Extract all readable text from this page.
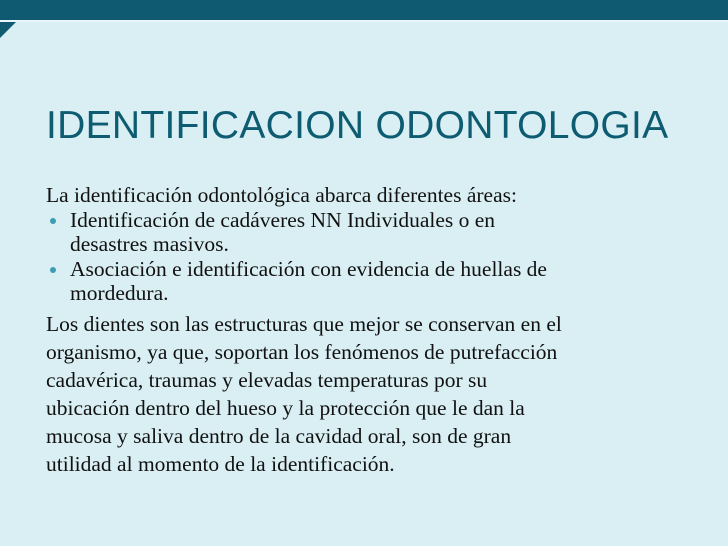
IDENTIFICACION ODONTOLOGIA

La identificación odontológica abarca diferentes áreas:

Identificación de cadáveres NN Individuales o en

desastres masivos.

Asociación e identificación con evidencia de huellas de

mordedura.

Los dientes son las estructuras que mejor se conservan en el

organismo, ya que, soportan los fenómenos de putrefacción

cadavérica, traumas y elevadas temperaturas por su

ubicación dentro del hueso y la protección que le dan la

mucosa y saliva dentro de la cavidad oral, son de gran

utilidad al momento de la identificación.
